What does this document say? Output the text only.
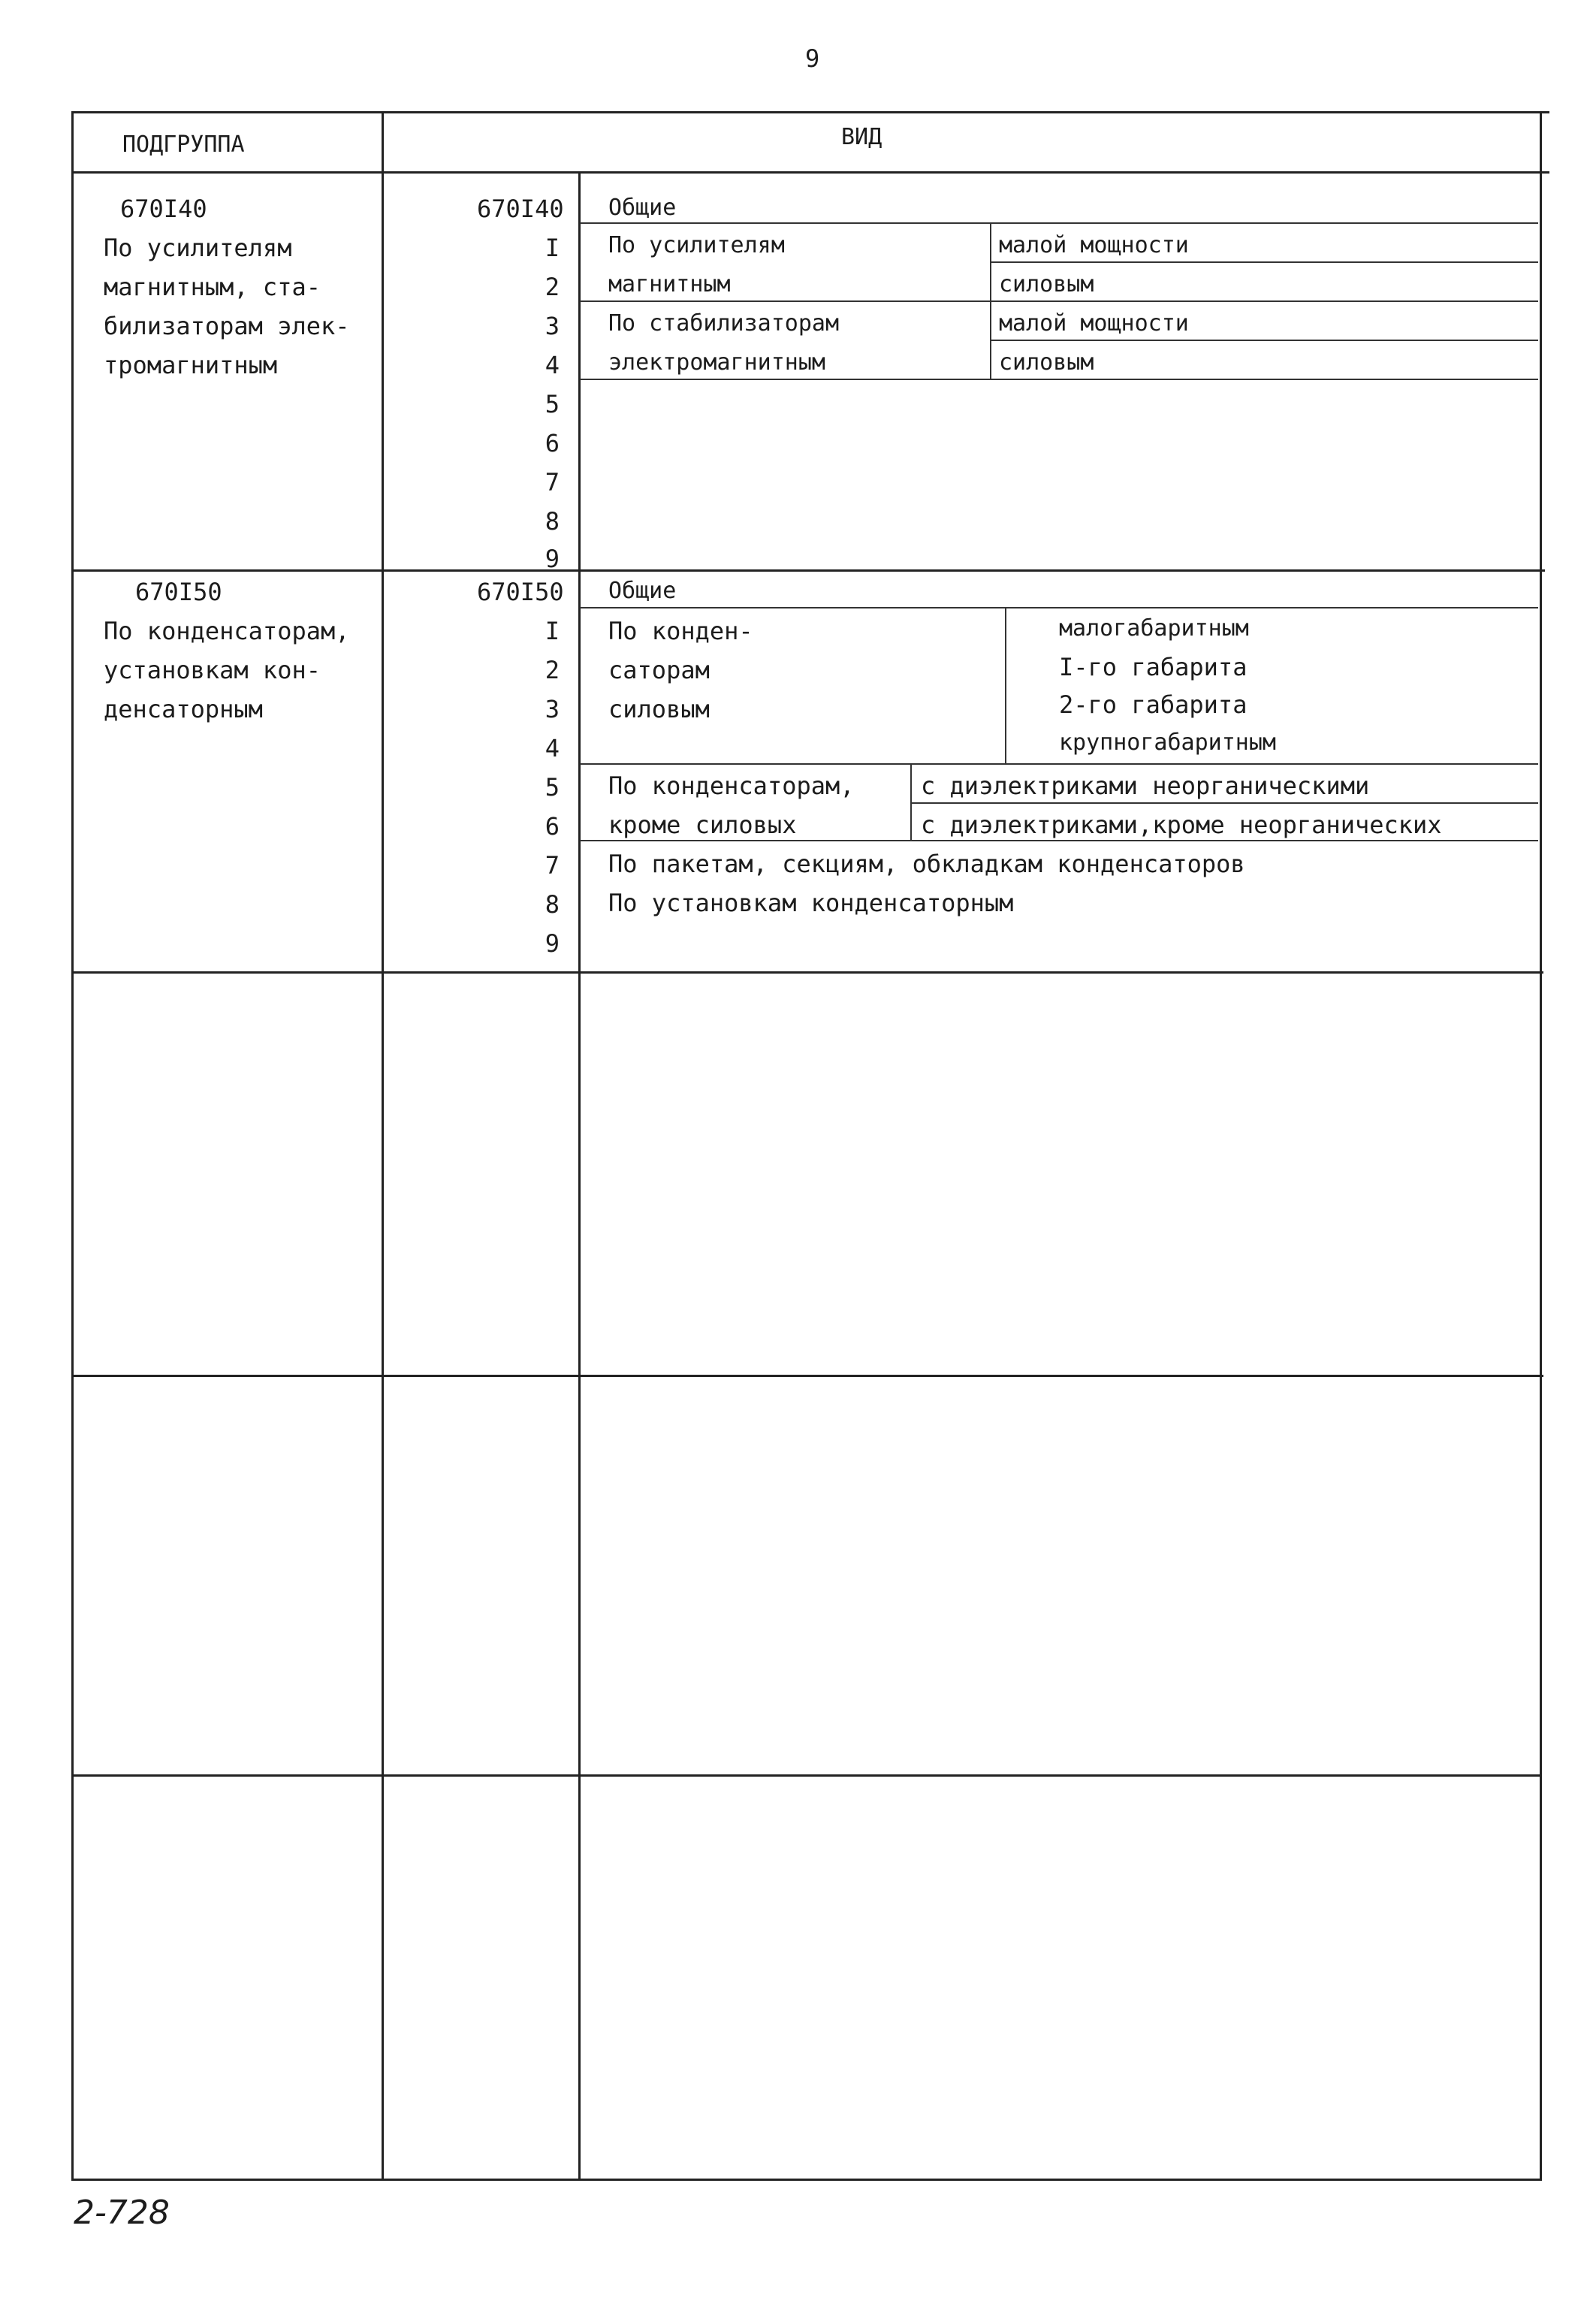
9
ПОДГРУППА	ВИД
670I40
По усилителям
магнитным, ста-
билизаторам элек-
тромагнитным
670I40
I
2
3
4
5
6
7
8
9
Общие
По усилителям
магнитным
малой мощности
силовым
По стабилизаторам
электромагнитным
малой мощности
силовым
670I50
По конденсаторам,
установкам кон-
денсаторным
670I50
I
2
3
4
5
6
7
8
9
Общие
По конден-
саторам
силовым
малогабаритным
I-го габарита
2-го габарита
крупногабаритным
По конденсаторам,
кроме силовых
с диэлектриками неорганическими
с диэлектриками,кроме неорганических
По пакетам, секциям, обкладкам конденсаторов
По установкам конденсаторным
2-728
